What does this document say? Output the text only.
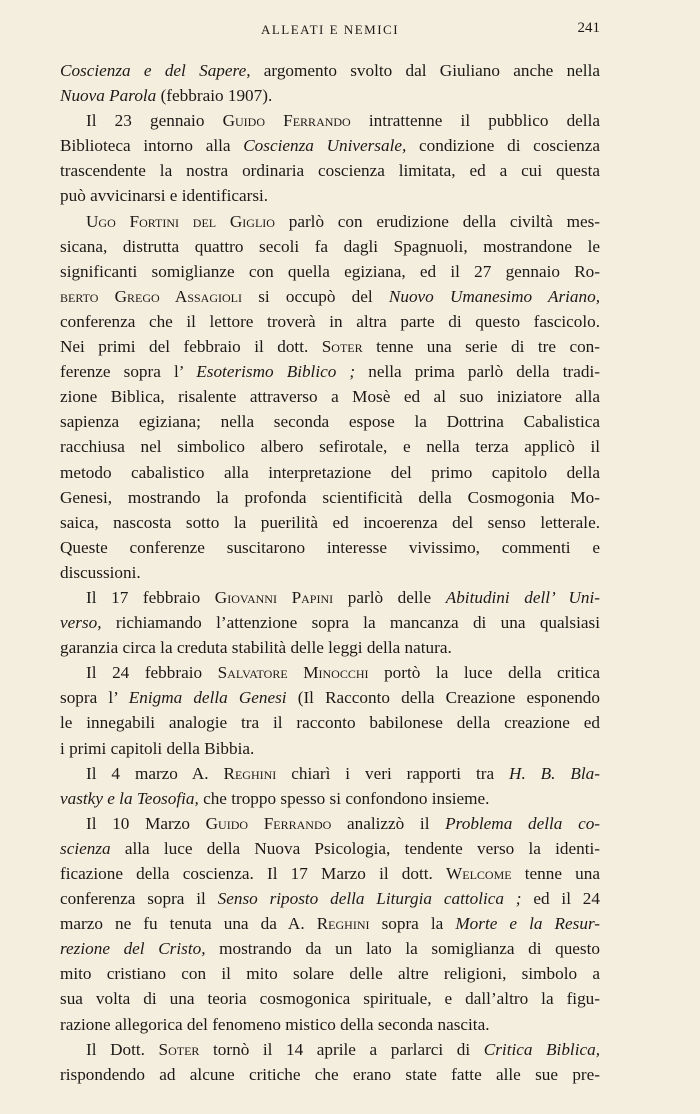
ALLEATI E NEMICI	241
Coscienza e del Sapere, argomento svolto dal Giuliano anche nella
Nuova Parola (febbraio 1907).
Il 23 gennaio Guido Ferrando intrattenne il pubblico della
Biblioteca intorno alla Coscienza Universale, condizione di coscienza
trascendente la nostra ordinaria coscienza limitata, ed a cui questa
può avvicinarsi e identificarsi.
Ugo Fortini del Giglio parlò con erudizione della civiltà mes-
sicana, distrutta quattro secoli fa dagli Spagnuoli, mostrandone le
significanti somiglianze con quella egiziana, ed il 27 gennaio Ro-
berto Grego Assagioli si occupò del Nuovo Umanesimo Ariano,
conferenza che il lettore troverà in altra parte di questo fascicolo.
Nei primi del febbraio il dott. Soter tenne una serie di tre con-
ferenze sopra l’ Esoterismo Biblico ; nella prima parlò della tradi-
zione Biblica, risalente attraverso a Mosè ed al suo iniziatore alla
sapienza egiziana; nella seconda espose la Dottrina Cabalistica
racchiusa nel simbolico albero sefirotale, e nella terza applicò il
metodo cabalistico alla interpretazione del primo capitolo della
Genesi, mostrando la profonda scientificità della Cosmogonia Mo-
saica, nascosta sotto la puerilità ed incoerenza del senso letterale.
Queste conferenze suscitarono interesse vivissimo, commenti e
discussioni.
Il 17 febbraio Giovanni Papini parlò delle Abitudini dell’ Uni-
verso, richiamando l’attenzione sopra la mancanza di una qualsiasi
garanzia circa la creduta stabilità delle leggi della natura.
Il 24 febbraio Salvatore Minocchi portò la luce della critica
sopra l’ Enigma della Genesi (Il Racconto della Creazione esponendo
le innegabili analogie tra il racconto babilonese della creazione ed
i primi capitoli della Bibbia.
Il 4 marzo A. Reghini chiarì i veri rapporti tra H. B. Bla-
vastky e la Teosofia, che troppo spesso si confondono insieme.
Il 10 Marzo Guido Ferrando analizzò il Problema della co-
scienza alla luce della Nuova Psicologia, tendente verso la identi-
ficazione della coscienza. Il 17 Marzo il dott. Welcome tenne una
conferenza sopra il Senso riposto della Liturgia cattolica ; ed il 24
marzo ne fu tenuta una da A. Reghini sopra la Morte e la Resur-
rezione del Cristo, mostrando da un lato la somiglianza di questo
mito cristiano con il mito solare delle altre religioni, simbolo a
sua volta di una teoria cosmogonica spirituale, e dall’altro la figu-
razione allegorica del fenomeno mistico della seconda nascita.
Il Dott. Soter tornò il 14 aprile a parlarci di Critica Biblica,
rispondendo ad alcune critiche che erano state fatte alle sue pre-
